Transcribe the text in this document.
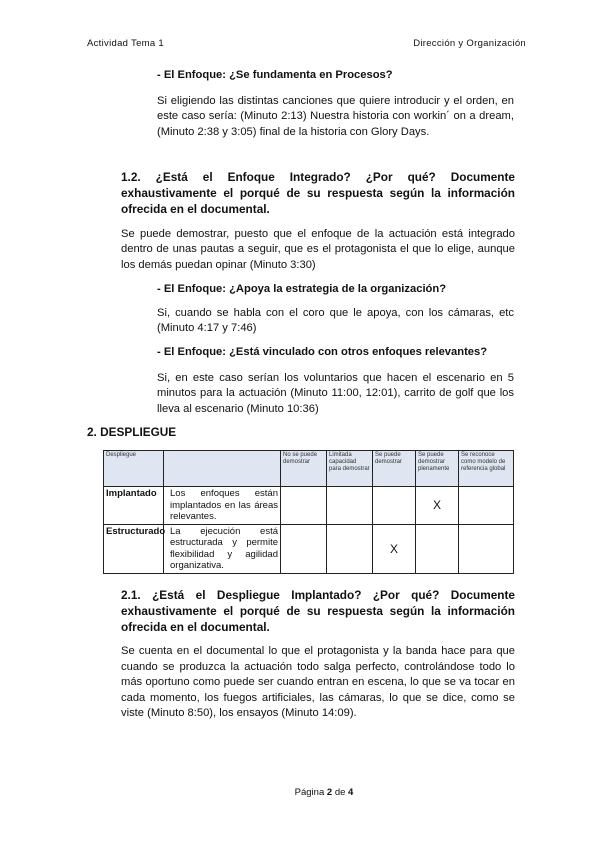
Actividad Tema 1	Dirección y Organización

- El Enfoque: ¿Se fundamenta en Procesos?

Si eligiendo las distintas canciones que quiere introducir y el orden, en este caso sería: (Minuto 2:13) Nuestra historia con workin´ on a dream, (Minuto 2:38 y 3:05) final de la historia con Glory Days.

1.2. ¿Está el Enfoque Integrado? ¿Por qué? Documente exhaustivamente el porqué de su respuesta según la información ofrecida en el documental.

Se puede demostrar, puesto que el enfoque de la actuación está integrado dentro de unas pautas a seguir, que es el protagonista el que lo elige, aunque los demás puedan opinar (Minuto 3:30)

- El Enfoque: ¿Apoya la estrategia de la organización?

Si, cuando se habla con el coro que le apoya, con los cámaras, etc (Minuto 4:17 y 7:46)

- El Enfoque: ¿Está vinculado con otros enfoques relevantes?

Si, en este caso serían los voluntarios que hacen el escenario en 5 minutos para la actuación (Minuto 11:00, 12:01), carrito de golf que los lleva al escenario (Minuto 10:36)

2. DESPLIEGUE
Despliegue		No se puede demostrar	Limitada capacidad para demostrar	Se puede demostrar	Se puede demostrar plenamente	Se reconoce como modelo de referencia global
Implantado	Los enfoques están implantados en las áreas relevantes.				X	
Estructurado	La ejecución está estructurada y permite flexibilidad y agilidad organizativa.			X		

2.1. ¿Está el Despliegue Implantado? ¿Por qué? Documente exhaustivamente el porqué de su respuesta según la información ofrecida en el documental.

Se cuenta en el documental lo que el protagonista y la banda hace para que cuando se produzca la actuación todo salga perfecto, controlándose todo lo más oportuno como puede ser cuando entran en escena, lo que se va tocar en cada momento, los fuegos artificiales, las cámaras, lo que se dice, como se viste (Minuto 8:50), los ensayos (Minuto 14:09).

Página 2 de 4
